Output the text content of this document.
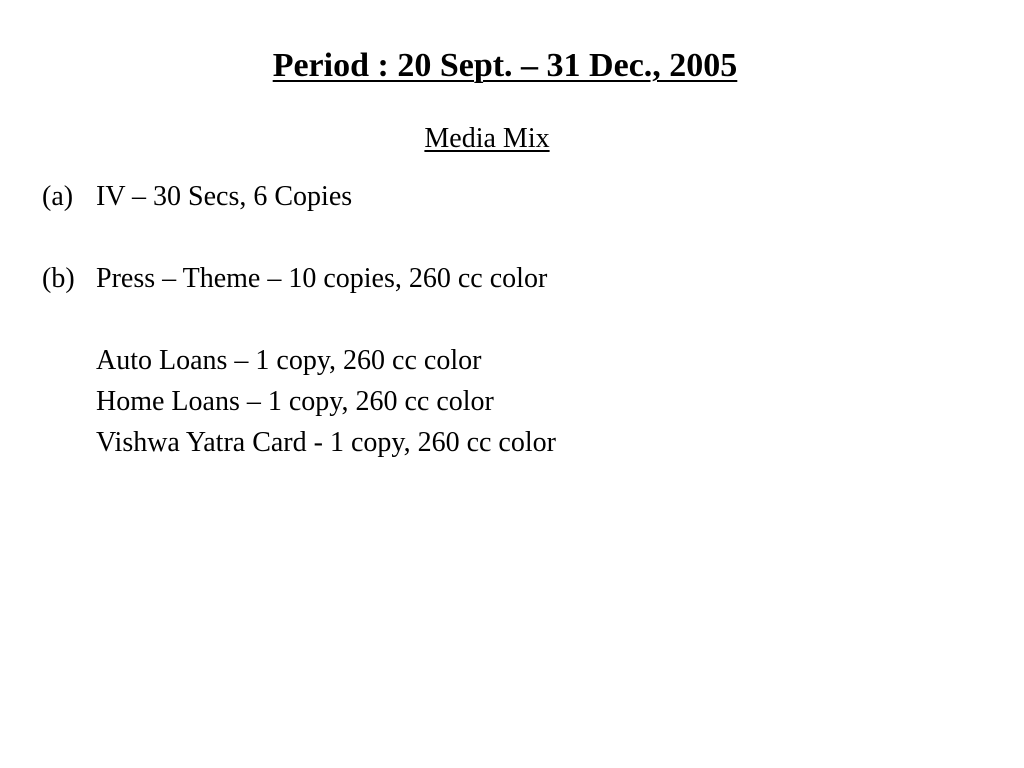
Period : 20 Sept. – 31 Dec., 2005
Media Mix
(a) IV – 30 Secs, 6 Copies
(b) Press – Theme – 10 copies, 260 cc color
Auto Loans – 1 copy, 260 cc color
Home Loans – 1 copy, 260 cc color
Vishwa Yatra Card - 1 copy, 260 cc color
